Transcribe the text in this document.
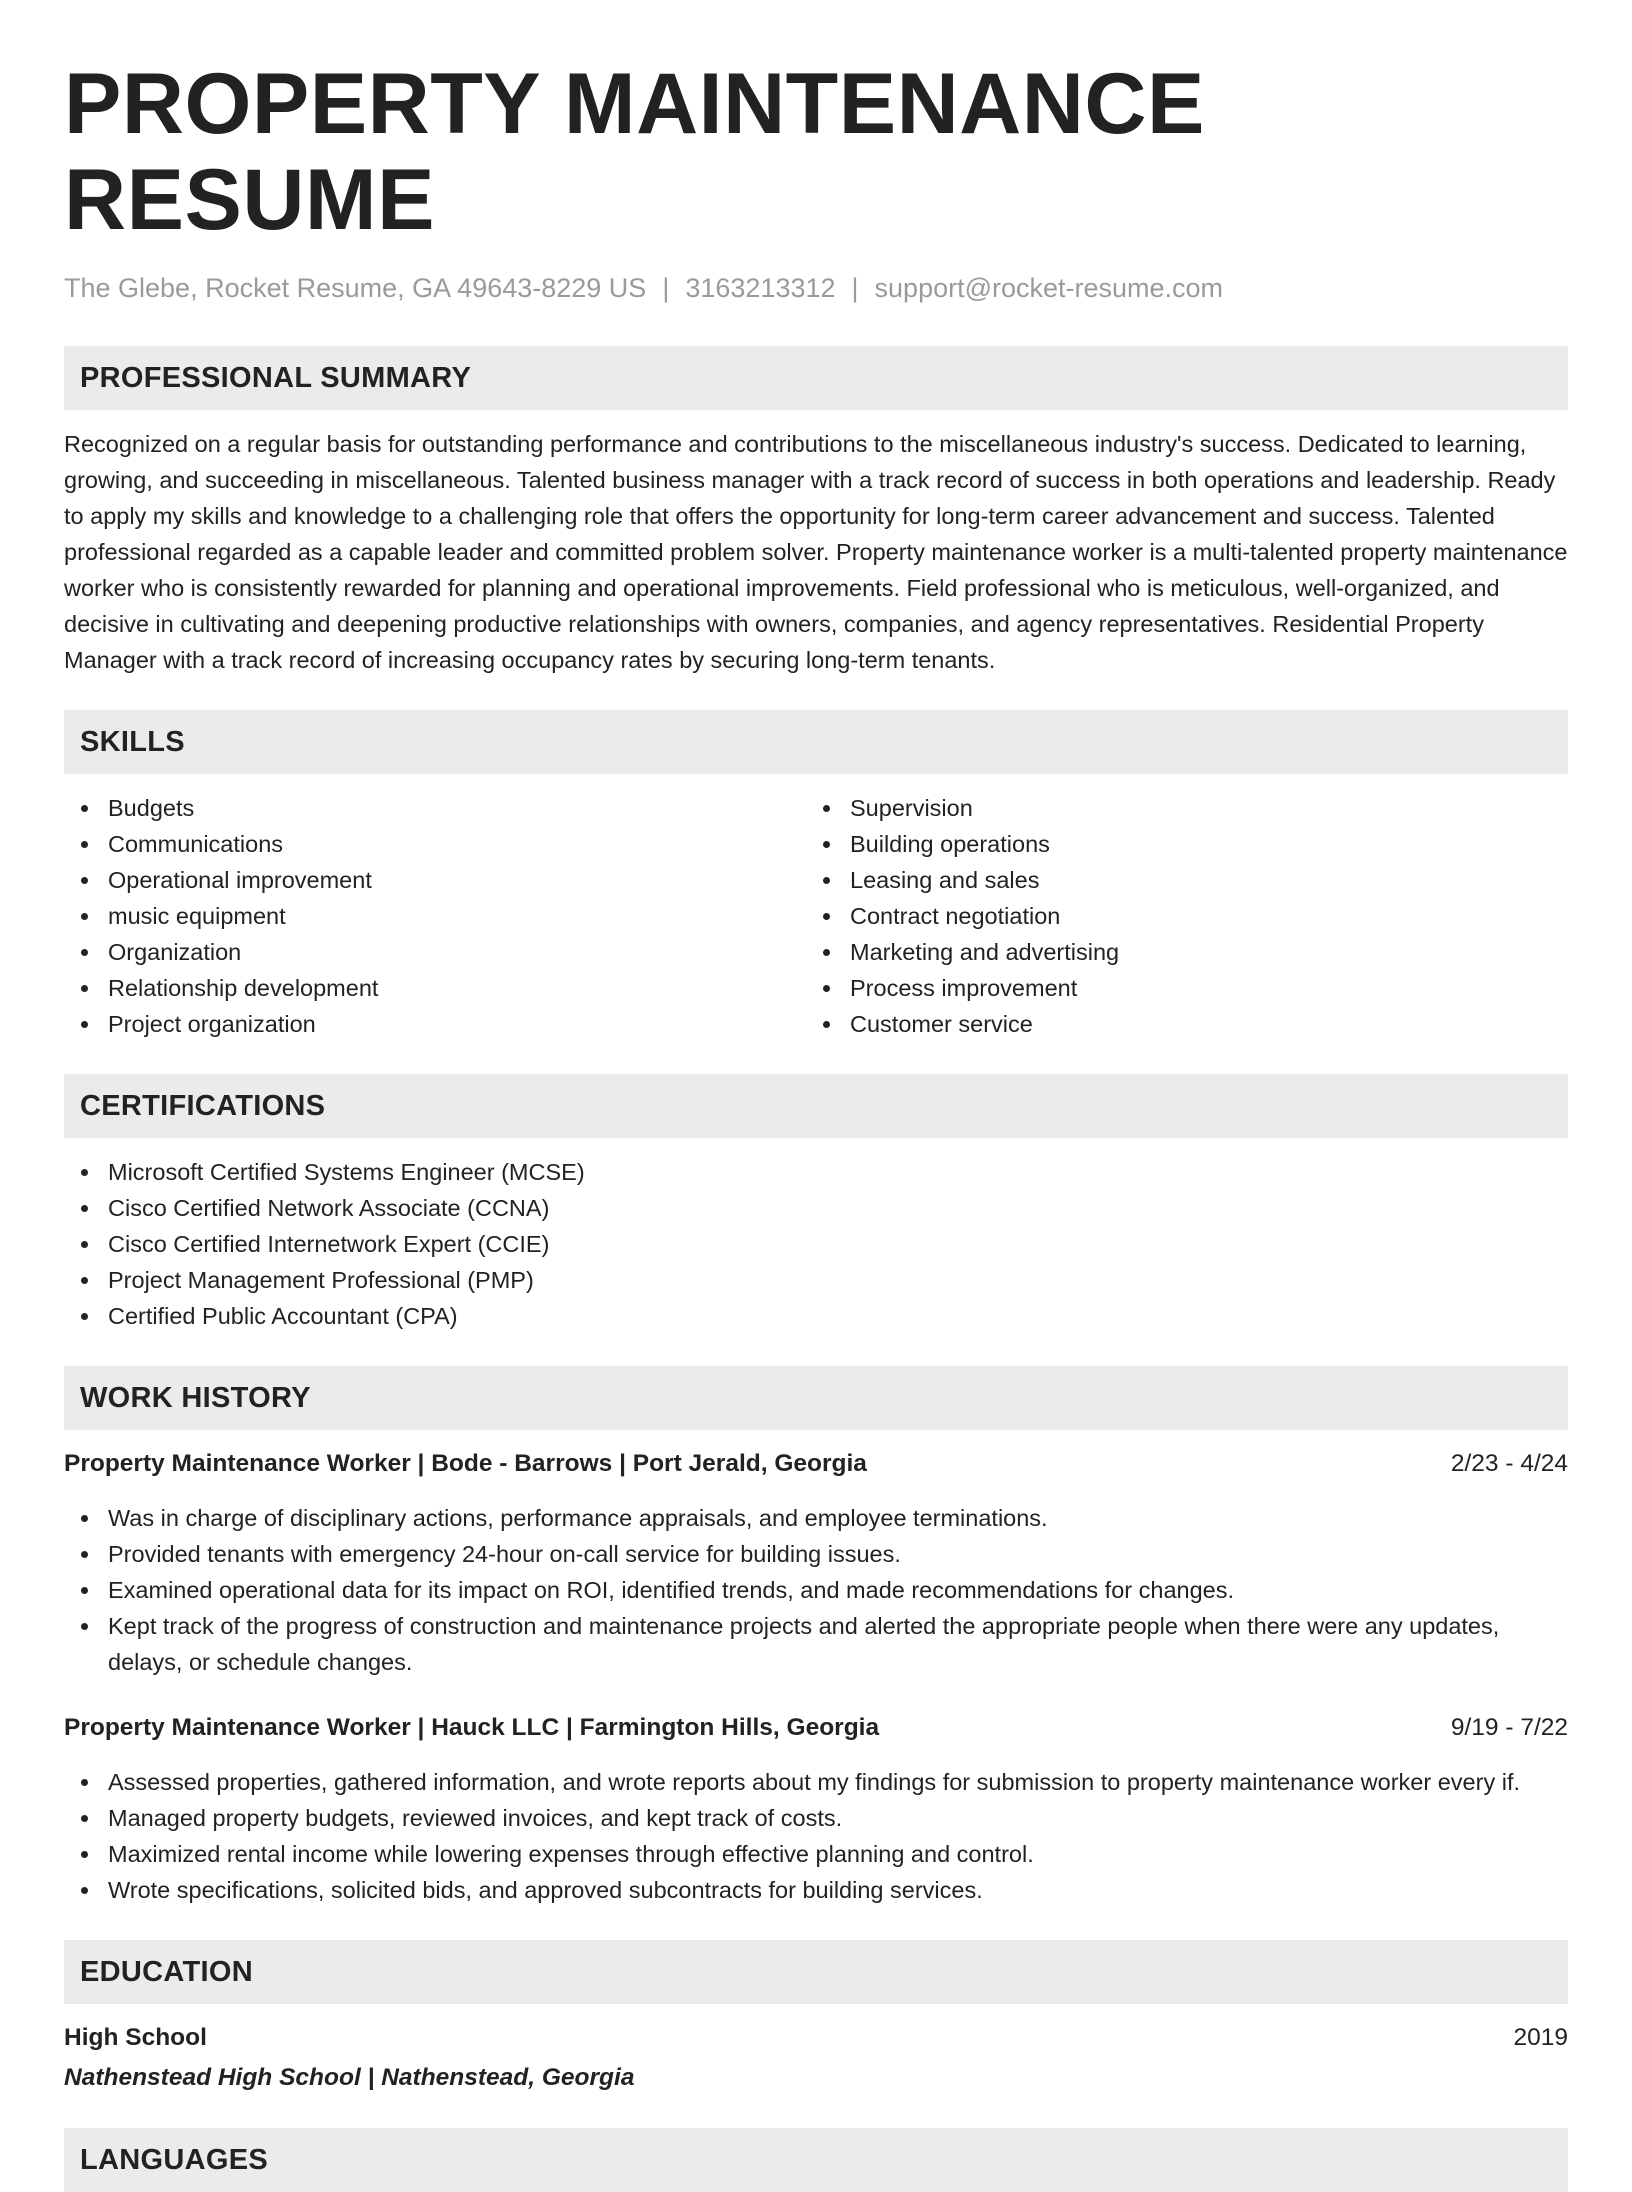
PROPERTY MAINTENANCE RESUME
The Glebe, Rocket Resume, GA 49643-8229 US | 3163213312 | support@rocket-resume.com
PROFESSIONAL SUMMARY

Recognized on a regular basis for outstanding performance and contributions to the miscellaneous industry's success. Dedicated to learning, growing, and succeeding in miscellaneous. Talented business manager with a track record of success in both operations and leadership. Ready to apply my skills and knowledge to a challenging role that offers the opportunity for long-term career advancement and success. Talented professional regarded as a capable leader and committed problem solver. Property maintenance worker is a multi-talented property maintenance worker who is consistently rewarded for planning and operational improvements. Field professional who is meticulous, well-organized, and decisive in cultivating and deepening productive relationships with owners, companies, and agency representatives. Residential Property Manager with a track record of increasing occupancy rates by securing long-term tenants.

SKILLS
Budgets
Communications
Operational improvement
music equipment
Organization
Relationship development
Project organization
Supervision
Building operations
Leasing and sales
Contract negotiation
Marketing and advertising
Process improvement
Customer service
CERTIFICATIONS
Microsoft Certified Systems Engineer (MCSE)
Cisco Certified Network Associate (CCNA)
Cisco Certified Internetwork Expert (CCIE)
Project Management Professional (PMP)
Certified Public Accountant (CPA)
WORK HISTORY
Property Maintenance Worker | Bode - Barrows | Port Jerald, Georgia	2/23 - 4/24
Was in charge of disciplinary actions, performance appraisals, and employee terminations.
Provided tenants with emergency 24-hour on-call service for building issues.
Examined operational data for its impact on ROI, identified trends, and made recommendations for changes.
Kept track of the progress of construction and maintenance projects and alerted the appropriate people when there were any updates, delays, or schedule changes.
Property Maintenance Worker | Hauck LLC | Farmington Hills, Georgia	9/19 - 7/22
Assessed properties, gathered information, and wrote reports about my findings for submission to property maintenance worker every if.
Managed property budgets, reviewed invoices, and kept track of costs.
Maximized rental income while lowering expenses through effective planning and control.
Wrote specifications, solicited bids, and approved subcontracts for building services.
EDUCATION
High School	2019
Nathenstead High School | Nathenstead, Georgia
LANGUAGES
